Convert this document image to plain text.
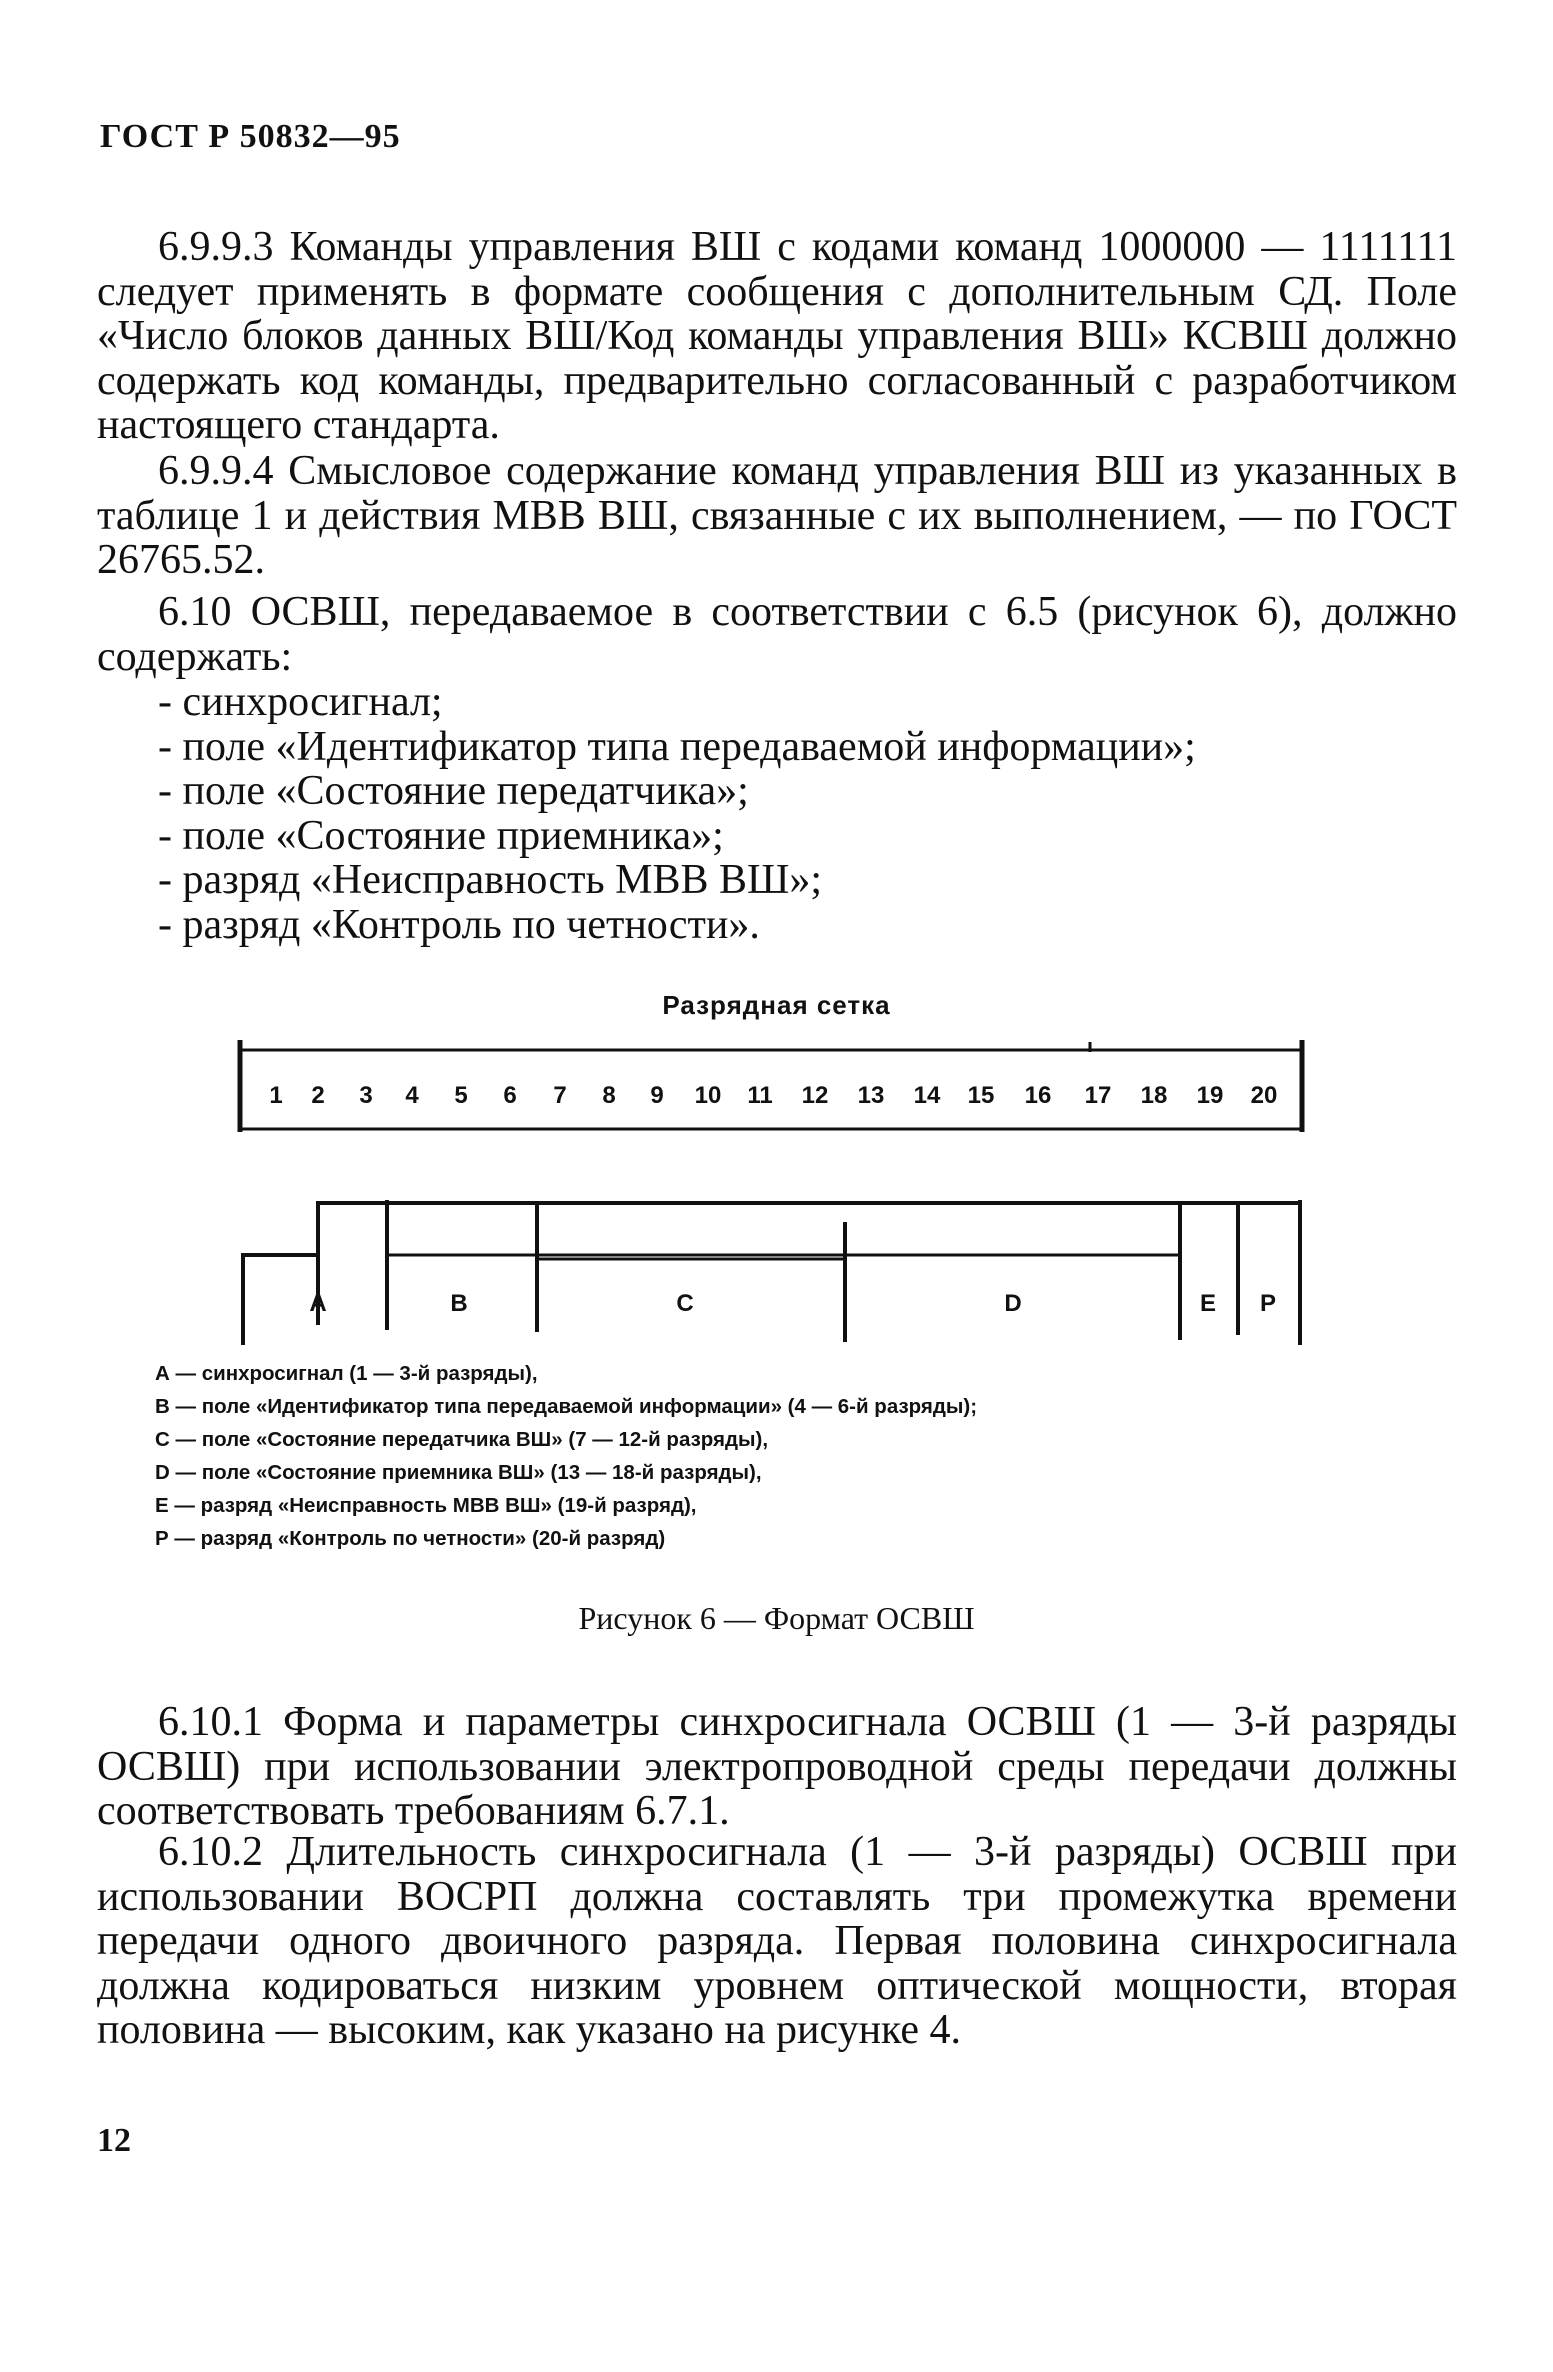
ГОСТ Р 50832—95

6.9.9.3 Команды управления ВШ с кодами команд 1000000 — 1111111 следует применять в формате сообщения с дополнительным СД. Поле «Число блоков данных ВШ/Код команды управления ВШ» КСВШ должно содержать код команды, предварительно согласованный с разработчиком настоящего стандарта.

6.9.9.4 Смысловое содержание команд управления ВШ из указанных в таблице 1 и действия МВВ ВШ, связанные с их выполнением, — по ГОСТ 26765.52.

6.10 ОСВШ, передаваемое в соответствии с 6.5 (рисунок 6), должно содержать:

- синхросигнал;
- поле «Идентификатор типа передаваемой информации»;
- поле «Состояние передатчика»;
- поле «Состояние приемника»;
- разряд «Неисправность МВВ ВШ»;
- разряд «Контроль по четности».
Разрядная сетка
1 2 3 4 5 6 7 8 9 10 11 12 13 14 15 16 17 18 19 20
A	B	C	D	E P
А — синхросигнал (1 — 3-й разряды),
В — поле «Идентификатор типа передаваемой информации» (4 — 6-й разряды);
С — поле «Состояние передатчика ВШ» (7 — 12-й разряды),
D — поле «Состояние приемника ВШ» (13 — 18-й разряды),
Е — разряд «Неисправность МВВ ВШ» (19-й разряд),
Р — разряд «Контроль по четности» (20-й разряд)
Рисунок 6 — Формат ОСВШ

6.10.1 Форма и параметры синхросигнала ОСВШ (1 — 3-й разряды ОСВШ) при использовании электропроводной среды передачи должны соответствовать требованиям 6.7.1.

6.10.2 Длительность синхросигнала (1 — 3-й разряды) ОСВШ при использовании ВОСРП должна составлять три промежутка времени передачи одного двоичного разряда. Первая половина синхросигнала должна кодироваться низким уровнем оптической мощности, вторая половина — высоким, как указано на рисунке 4.

12
